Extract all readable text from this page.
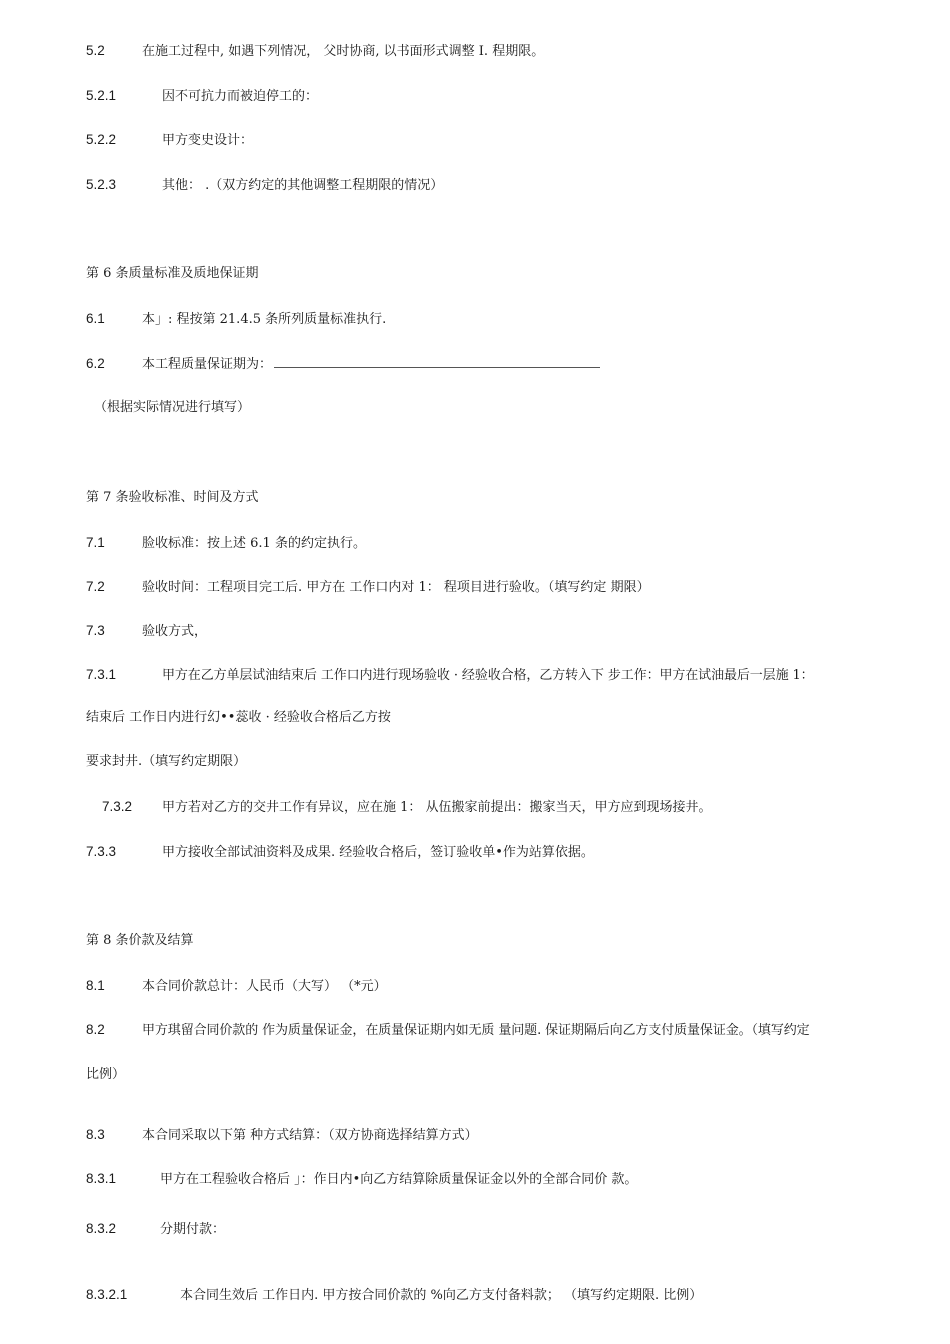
5.2	在施工过程中, 如遇下列情况， 父时协商, 以书面形式调整 I. 程期限。
5.2.1	因不可抗力而被迫停工的：
5.2.2	甲方变史设计：
5.2.3	其他： .（双方约定的其他调整工程期限的情况）
第 6 条质量标准及质地保证期
6.1	本」: 程按第 21.4.5 条所列质量标准执行.
6.2	本工程质量保证期为：
（根据实际情况进行填写）
第 7 条验收标准、时间及方式
7.1	脸收标准：按上述 6.1 条的约定执行。
7.2	验收时间：工程项目完工后. 甲方在 工作口内对 1： 程项目进行验收。（填写约定 期限）
7.3	验收方式，
7.3.1	甲方在乙方单层试油结束后 工作口内进行现场验收 · 经验收合格，乙方转入下 步工作：甲方在试油最后一层施 1：
结束后 工作日内进行幻••蕊收 · 经验收合格后乙方按
要求封井.（填写约定期限）
7.3.2 甲方若对乙方的交井工作有异议，应在施 1： 从伍搬家前提出：搬家当天，甲方应到现场接井。
7.3.3	甲方接收全部试油资料及成果. 经验收合格后，签订验收单•作为站算依据。
第 8 条价款及结算
8.1	本合同价款总计：人民币（大写） （*元）
8.2	甲方琪留合同价款的 作为质量保证金，在质量保证期内如无质 量问题. 保证期隔后向乙方支付质量保证金。（填写约定
比例）
8.3	本合同采取以下第 种方式结算：（双方协商选择结算方式）
8.3.1	甲方在工程验收合格后 」：作日内•向乙方结算除质量保证金以外的全部合同价 款。
8.3.2	分期付款：
8.3.2.1	本合同生效后 工作日内. 甲方按合同价款的 %向乙方支付备料款； （填写约定期限. 比例）
